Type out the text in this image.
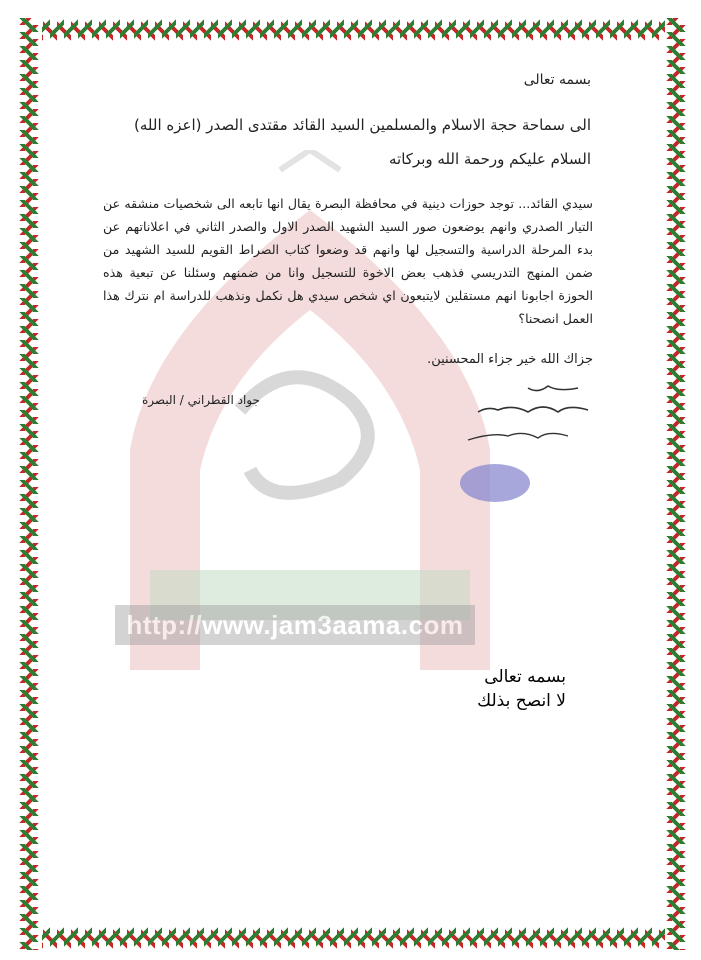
http://www.jam3aama.com
بسمه تعالى
الى سماحة حجة الاسلام والمسلمين السيد القائد مقتدى الصدر (اعزه الله)
السلام عليكم ورحمة الله وبركاته
سيدي القائد... توجد حوزات دينية في محافظة البصرة يقال انها تابعه الى شخصيات منشقه عن التيار الصدري وانهم يوضعون صور السيد الشهيد الصدر الاول والصدر الثاني في اعلاناتهم عن بدء المرحلة الدراسية والتسجيل لها وانهم قد وضعوا كتاب الصراط القويم للسيد الشهيد من ضمن المنهج التدريسي فذهب بعض الاخوة للتسجيل وانا من ضمنهم وسئلنا عن تبعية هذه الحوزة اجابونا انهم مستقلين لايتبعون اي شخص سيدي هل نكمل ونذهب للدراسة ام نترك هذا العمل انصحنا؟
جزاك الله خير جزاء المحسنين.
جواد القطراني / البصرة
بسمه تعالى
لا انصح بذلك
